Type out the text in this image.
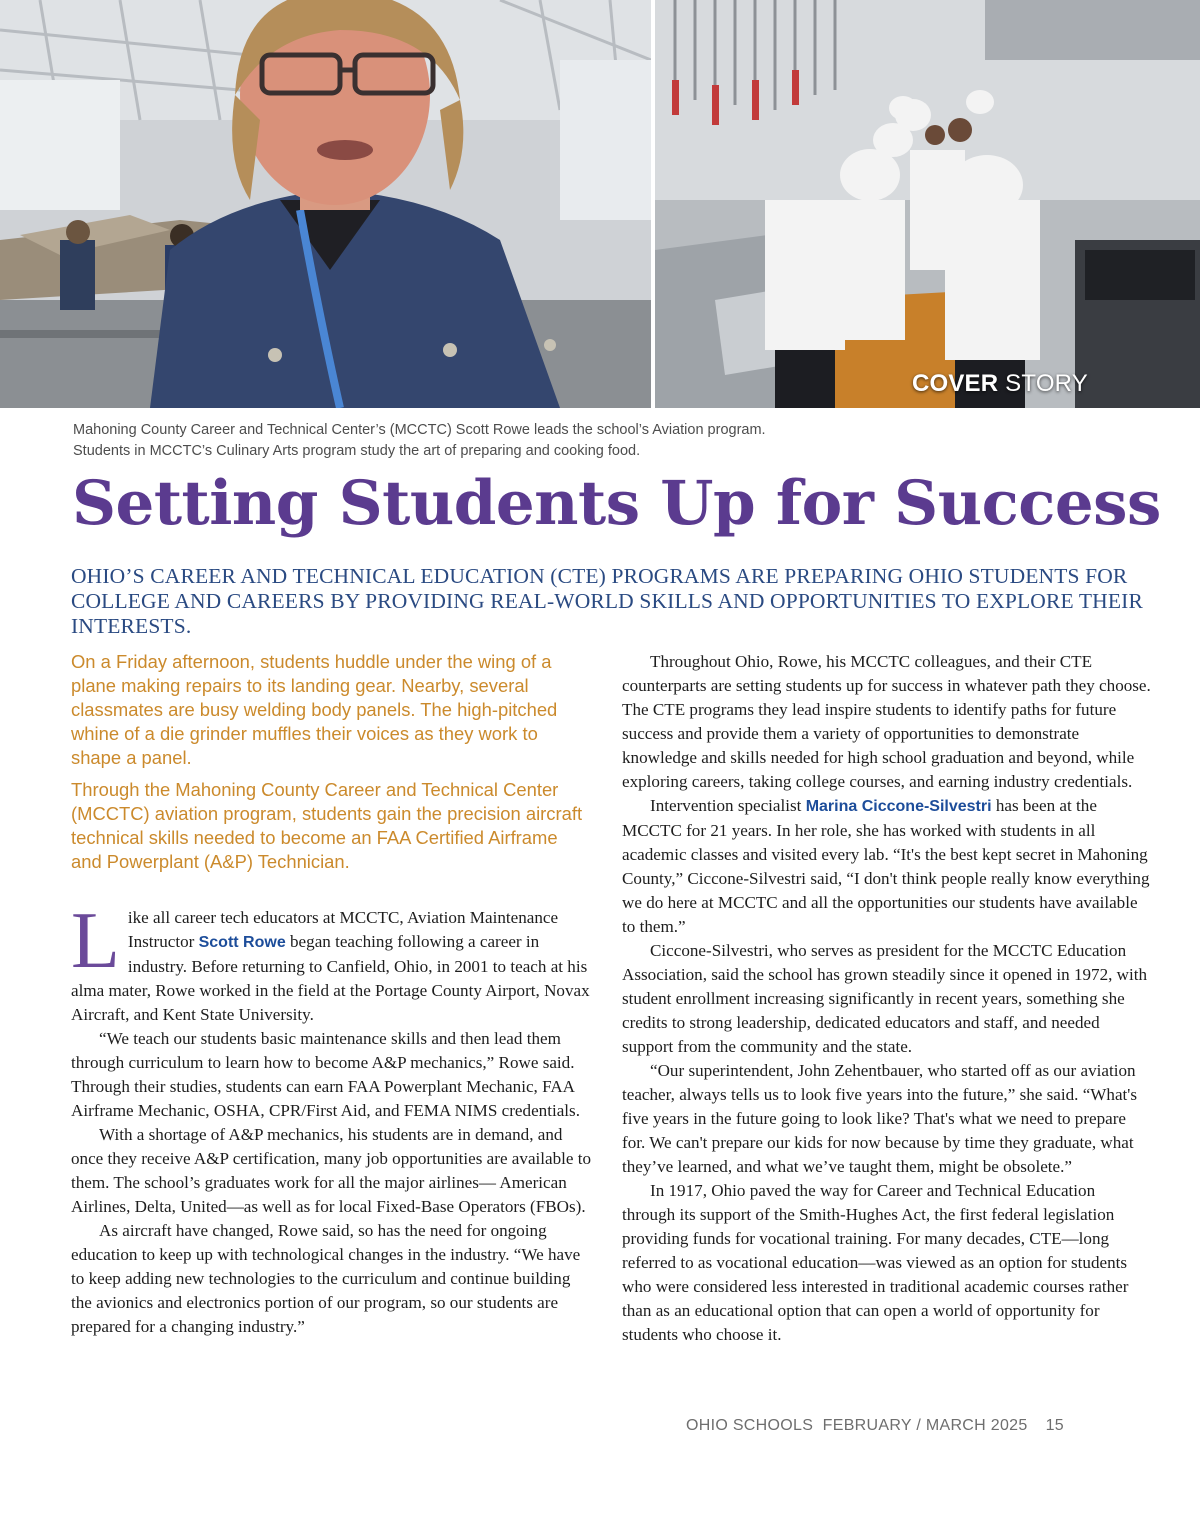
COVER STORY
Mahoning County Career and Technical Center’s (MCCTC) Scott Rowe leads the school’s Aviation program.
Students in MCCTC’s Culinary Arts program study the art of preparing and cooking food.
Setting Students Up for Success
OHIO’S CAREER AND TECHNICAL EDUCATION (CTE) PROGRAMS ARE PREPARING OHIO STUDENTS FOR COLLEGE AND CAREERS BY PROVIDING REAL-WORLD SKILLS AND OPPORTUNITIES TO EXPLORE THEIR INTERESTS.

On a Friday afternoon, students huddle under the wing of a plane making repairs to its landing gear. Nearby, several classmates are busy welding body panels. The high-pitched whine of a die grinder muffles their voices as they work to shape a panel.

Through the Mahoning County Career and Technical Center (MCCTC) aviation program, students gain the precision aircraft technical skills needed to become an FAA Certified Airframe and Powerplant (A&P) Technician.

Like all career tech educators at MCCTC, Aviation Maintenance Instructor Scott Rowe began teaching following a career in industry. Before returning to Canfield, Ohio, in 2001 to teach at his alma mater, Rowe worked in the field at the Portage County Airport, Novax Aircraft, and Kent State University.

“We teach our students basic maintenance skills and then lead them through curriculum to learn how to become A&P mechanics,” Rowe said. Through their studies, students can earn FAA Powerplant Mechanic, FAA Airframe Mechanic, OSHA, CPR/First Aid, and FEMA NIMS credentials.

With a shortage of A&P mechanics, his students are in demand, and once they receive A&P certification, many job opportunities are available to them. The school’s graduates work for all the major airlines— American Airlines, Delta, United—as well as for local Fixed-Base Operators (FBOs).

As aircraft have changed, Rowe said, so has the need for ongoing education to keep up with technological changes in the industry. “We have to keep adding new technologies to the curriculum and continue building the avionics and electronics portion of our program, so our students are prepared for a changing industry.”

Throughout Ohio, Rowe, his MCCTC colleagues, and their CTE counterparts are setting students up for success in whatever path they choose. The CTE programs they lead inspire students to identify paths for future success and provide them a variety of opportunities to demonstrate knowledge and skills needed for high school graduation and beyond, while exploring careers, taking college courses, and earning industry credentials.

Intervention specialist Marina Ciccone-Silvestri has been at the MCCTC for 21 years. In her role, she has worked with students in all academic classes and visited every lab. “It's the best kept secret in Mahoning County,” Ciccone-Silvestri said, “I don't think people really know everything we do here at MCCTC and all the opportunities our students have available to them.”

Ciccone-Silvestri, who serves as president for the MCCTC Education Association, said the school has grown steadily since it opened in 1972, with student enrollment increasing significantly in recent years, something she credits to strong leadership, dedicated educators and staff, and needed support from the community and the state.

“Our superintendent, John Zehentbauer, who started off as our aviation teacher, always tells us to look five years into the future,” she said. “What's five years in the future going to look like? That's what we need to prepare for. We can't prepare our kids for now because by time they graduate, what they’ve learned, and what we’ve taught them, might be obsolete.”

In 1917, Ohio paved the way for Career and Technical Education through its support of the Smith-Hughes Act, the first federal legislation providing funds for vocational training. For many decades, CTE—long referred to as vocational education—was viewed as an option for students who were considered less interested in traditional academic courses rather than as an educational option that can open a world of opportunity for students who choose it.

OHIO SCHOOLS  FEBRUARY / MARCH 2025 15
